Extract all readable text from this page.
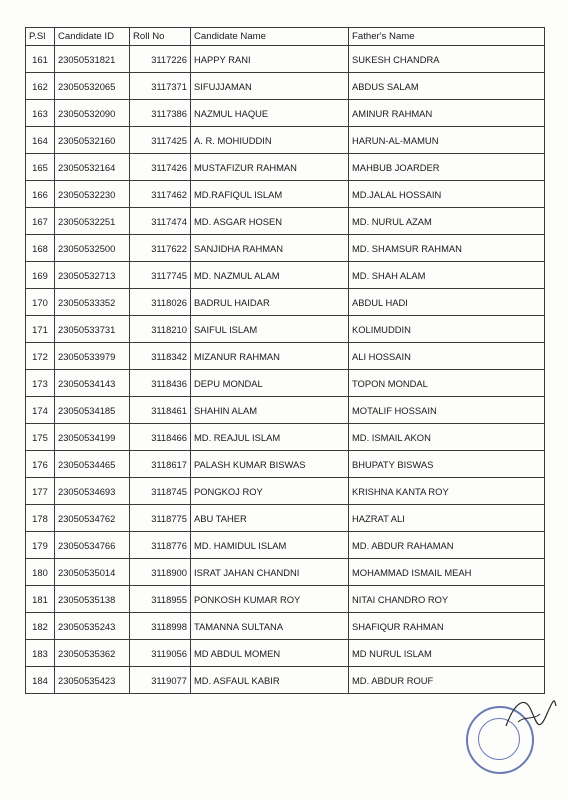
P.Sl	Candidate ID	Roll No	Candidate Name	Father's Name
161	23050531821	3117226	HAPPY RANI	SUKESH CHANDRA
162	23050532065	3117371	SIFUJJAMAN	ABDUS SALAM
163	23050532090	3117386	NAZMUL HAQUE	AMINUR RAHMAN
164	23050532160	3117425	A. R. MOHIUDDIN	HARUN-AL-MAMUN
165	23050532164	3117426	MUSTAFIZUR RAHMAN	MAHBUB JOARDER
166	23050532230	3117462	MD.RAFIQUL ISLAM	MD.JALAL HOSSAIN
167	23050532251	3117474	MD. ASGAR HOSEN	MD. NURUL AZAM
168	23050532500	3117622	SANJIDHA RAHMAN	MD. SHAMSUR RAHMAN
169	23050532713	3117745	MD. NAZMUL ALAM	MD. SHAH ALAM
170	23050533352	3118026	BADRUL HAIDAR	ABDUL HADI
171	23050533731	3118210	SAIFUL ISLAM	KOLIMUDDIN
172	23050533979	3118342	MIZANUR RAHMAN	ALI HOSSAIN
173	23050534143	3118436	DEPU MONDAL	TOPON MONDAL
174	23050534185	3118461	SHAHIN ALAM	MOTALIF HOSSAIN
175	23050534199	3118466	MD. REAJUL ISLAM	MD. ISMAIL AKON
176	23050534465	3118617	PALASH KUMAR BISWAS	BHUPATY BISWAS
177	23050534693	3118745	PONGKOJ ROY	KRISHNA KANTA ROY
178	23050534762	3118775	ABU TAHER	HAZRAT ALI
179	23050534766	3118776	MD. HAMIDUL ISLAM	MD. ABDUR RAHAMAN
180	23050535014	3118900	ISRAT JAHAN CHANDNI	MOHAMMAD ISMAIL MEAH
181	23050535138	3118955	PONKOSH KUMAR ROY	NITAI CHANDRO ROY
182	23050535243	3118998	TAMANNA SULTANA	SHAFIQUR RAHMAN
183	23050535362	3119056	MD ABDUL MOMEN	MD NURUL ISLAM
184	23050535423	3119077	MD. ASFAUL KABIR	MD. ABDUR ROUF
